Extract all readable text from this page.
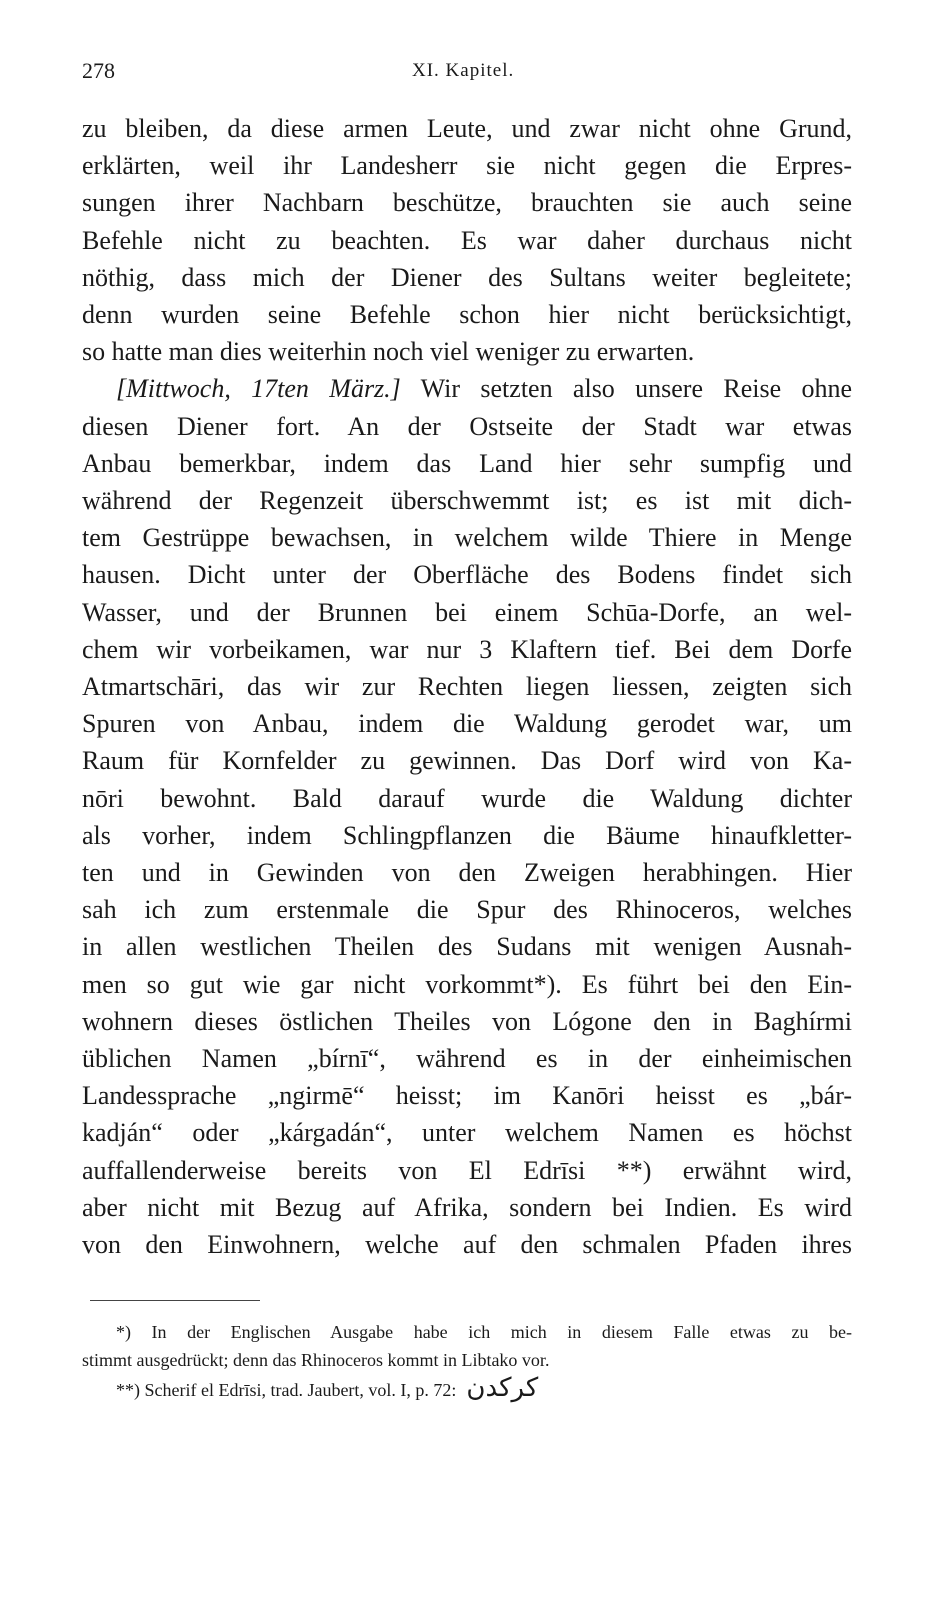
278	XI. Kapitel.
zu bleiben, da diese armen Leute, und zwar nicht ohne Grund,
erklärten, weil ihr Landesherr sie nicht gegen die Erpres-
sungen ihrer Nachbarn beschütze, brauchten sie auch seine
Befehle nicht zu beachten. Es war daher durchaus nicht
nöthig, dass mich der Diener des Sultans weiter begleitete;
denn wurden seine Befehle schon hier nicht berücksichtigt,
so hatte man dies weiterhin noch viel weniger zu erwarten.
[Mittwoch, 17ten März.] Wir setzten also unsere Reise ohne
diesen Diener fort. An der Ostseite der Stadt war etwas
Anbau bemerkbar, indem das Land hier sehr sumpfig und
während der Regenzeit überschwemmt ist; es ist mit dich-
tem Gestrüppe bewachsen, in welchem wilde Thiere in Menge
hausen. Dicht unter der Oberfläche des Bodens findet sich
Wasser, und der Brunnen bei einem Schūa-Dorfe, an wel-
chem wir vorbeikamen, war nur 3 Klaftern tief. Bei dem Dorfe
Atmartschāri, das wir zur Rechten liegen liessen, zeigten sich
Spuren von Anbau, indem die Waldung gerodet war, um
Raum für Kornfelder zu gewinnen. Das Dorf wird von Ka-
nōri bewohnt. Bald darauf wurde die Waldung dichter
als vorher, indem Schlingpflanzen die Bäume hinaufkletter-
ten und in Gewinden von den Zweigen herabhingen. Hier
sah ich zum erstenmale die Spur des Rhinoceros, welches
in allen westlichen Theilen des Sudans mit wenigen Ausnah-
men so gut wie gar nicht vorkommt*). Es führt bei den Ein-
wohnern dieses östlichen Theiles von Lógone den in Baghírmi
üblichen Namen „bírnī“, während es in der einheimischen
Landessprache „ngirmē“ heisst; im Kanōri heisst es „bár-
kadján“ oder „kárgadán“, unter welchem Namen es höchst
auffallenderweise bereits von El Edrīsi **) erwähnt wird,
aber nicht mit Bezug auf Afrika, sondern bei Indien. Es wird
von den Einwohnern, welche auf den schmalen Pfaden ihres
*) In der Englischen Ausgabe habe ich mich in diesem Falle etwas zu be-
stimmt ausgedrückt; denn das Rhinoceros kommt in Libtako vor.
**) Scherif el Edrīsi, trad. Jaubert, vol. I, p. 72: كركدن
